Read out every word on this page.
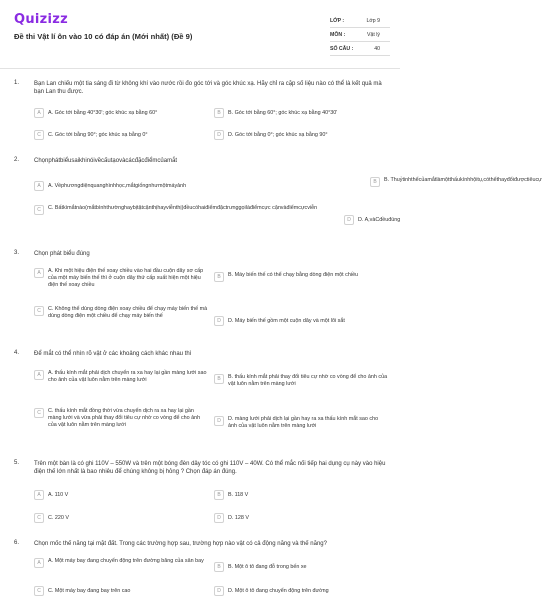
Quizizz
Đề thi Vật lí ôn vào 10 có đáp án (Mới nhất) (Đề 9)
LỚP :	Lớp 9
MÔN :	Vật lý
SỐ CÂU :	40
1. Bạn Lan chiếu một tia sáng đi từ không khí vào nước rồi đo góc tới và góc khúc xạ. Hãy chỉ ra cặp số liệu nào có thể là kết quả mà bạn Lan thu được.
A	A. Góc tới bằng 40°30'; góc khúc xạ bằng 60°	B	B. Góc tới bằng 60°; góc khúc xạ bằng 40°30'
C	C. Góc tới bằng 90°; góc khúc xạ bằng 0°	D	D. Góc tới bằng 0°; góc khúc xạ bằng 90°
2. Chọnphátbiểusaikhinóivềcấutạovàcácđặcđiểmcủamắt
A	A. Vềphươngdiệnquanghìnhhọc,mắtgiốngnhưmộtmáyảnh
B	B. Thuỷtinhthểcủamắtlàmộtthấukínhhộitụ,cóthểthayđổiđượctiêucự
C	C. Bấtkìmắtnào(mắtbìnhthườnghaybịtậtcậnthịhayviễnthị)đềucóhaiđiểmđặctrưnggọilàđiểmcực cậnvàđiểmcựcviễn
D	D. A,vàCđềuđúng
3. Chọn phát biểu đúng
A	A. Khi một hiệu điện thế xoay chiều vào hai đầu cuộn dây sơ cấp của một máy biến thế thì ở cuộn dây thứ cấp xuất hiện một hiệu điện thế xoay chiều
B	B. Máy biến thế có thể chạy bằng dòng điện một chiều
C	C. Không thể dùng dòng điện xoay chiều để chạy máy biến thế mà dùng dòng điện một chiều để chạy máy biến thế
D	D. Máy biến thế gồm một cuộn dây và một lõi sắt
4. Để mắt có thể nhìn rõ vật ở các khoảng cách khác nhau thì
A	A. thấu kính mắt phải dịch chuyển ra xa hay lại gần màng lưới sao cho ảnh của vật luôn nằm trên màng lưới	B	B. thấu kính mắt phải thay đổi tiêu cự nhờ co vòng để cho ảnh của vật luôn nằm trên màng lưới
C	C. thấu kính mắt đồng thời vừa chuyển dịch ra xa hay lại gần màng lưới và vừa phải thay đổi tiêu cự nhờ co vòng để cho ảnh của vật luôn nằm trên màng lưới
D	D. màng lưới phải dịch lại gần hay ra xa thấu kính mắt sao cho ảnh của vật luôn nằm trên màng lưới
5. Trên một bàn là có ghi 110V – 550W và trên một bóng đèn dây tóc có ghi 110V – 40W. Có thể mắc nối tiếp hai dụng cụ này vào hiệu điện thế lớn nhất là bao nhiêu để chúng không bị hỏng ? Chọn đáp án đúng.
A	A. 110 V	B	B. 118 V
C	C. 220 V	D	D. 128 V
6. Chọn mốc thế năng tại mặt đất. Trong các trường hợp sau, trường hợp nào vật có cả động năng và thế năng?
A	A. Một máy bay đang chuyển động trên đường băng của sân bay
B	B. Một ô tô đang đỗ trong bến xe
C	C. Một máy bay đang bay trên cao	D	D. Một ô tô đang chuyển động trên đường
